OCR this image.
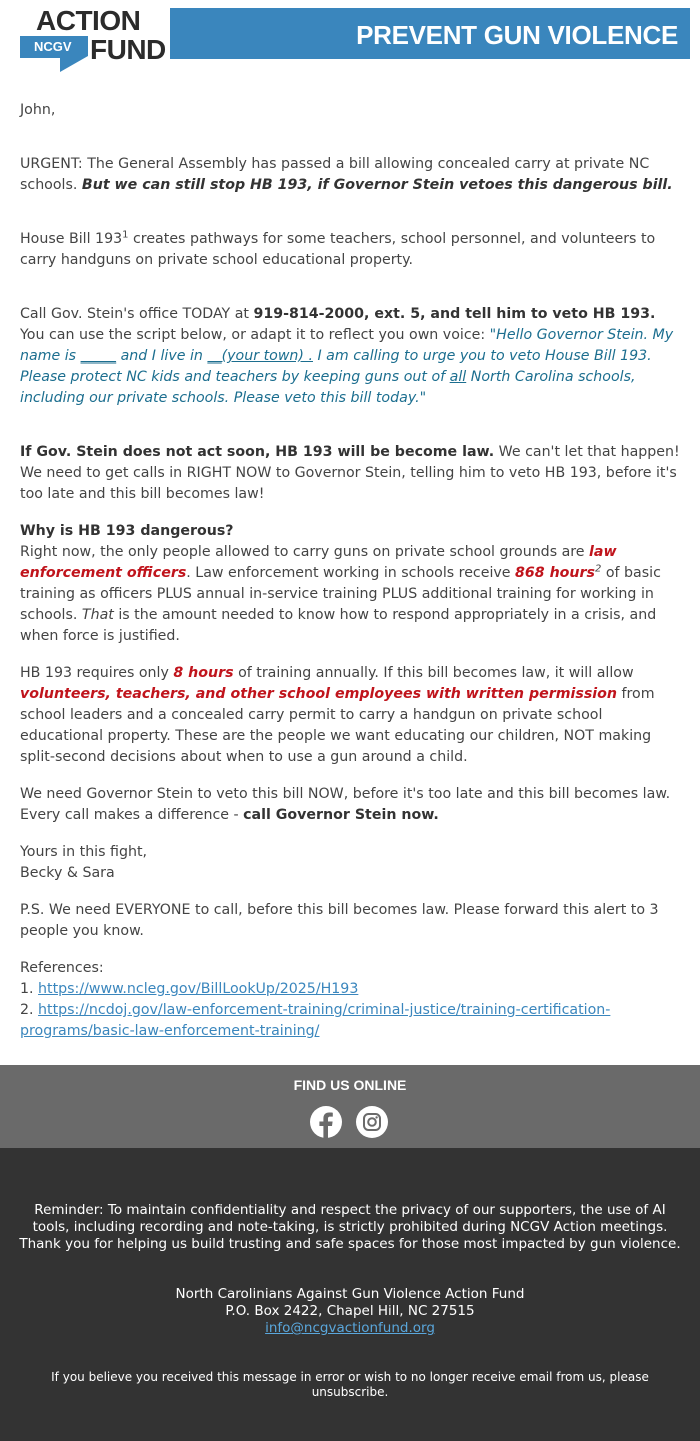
ACTION
NCGV FUND	PREVENT GUN VIOLENCE

John,

URGENT: The General Assembly has passed a bill allowing concealed carry at private NC schools. But we can still stop HB 193, if Governor Stein vetoes this dangerous bill.

House Bill $193^1$ creates pathways for some teachers, school personnel, and volunteers to carry handguns on private school educational property.

Call Gov. Stein's office TODAY at 919-814-2000, ext. 5, and tell him to veto HB 193. You can use the script below, or adapt it to reflect you own voice: "Hello Governor Stein. My name is _____ and I live in __(your town) . I am calling to urge you to veto House Bill 193. Please protect NC kids and teachers by keeping guns out of all North Carolina schools, including our private schools. Please veto this bill today."

If Gov. Stein does not act soon, HB 193 will be become law. We can't let that happen! We need to get calls in RIGHT NOW to Governor Stein, telling him to veto HB 193, before it's too late and this bill becomes law!

Why is HB 193 dangerous?

Right now, the only people allowed to carry guns on private school grounds are law enforcement officers. Law enforcement working in schools receive 868 hours$^2$ of basic training as officers PLUS annual in-service training PLUS additional training for working in schools. That is the amount needed to know how to respond appropriately in a crisis, and when force is justified.

HB 193 requires only 8 hours of training annually. If this bill becomes law, it will allow volunteers, teachers, and other school employees with written permission from school leaders and a concealed carry permit to carry a handgun on private school educational property. These are the people we want educating our children, NOT making split-second decisions about when to use a gun around a child.

We need Governor Stein to veto this bill NOW, before it's too late and this bill becomes law. Every call makes a difference - call Governor Stein now.

Yours in this fight,
Becky & Sara

P.S. We need EVERYONE to call, before this bill becomes law. Please forward this alert to 3 people you know.

References:
1. https://www.ncleg.gov/BillLookUp/2025/H193
2. https://ncdoj.gov/law-enforcement-training/criminal-justice/training-certification-programs/basic-law-enforcement-training/

FIND US ONLINE
Reminder: To maintain confidentiality and respect the privacy of our supporters, the use of AI tools, including recording and note-taking, is strictly prohibited during NCGV Action meetings. Thank you for helping us build trusting and safe spaces for those most impacted by gun violence.
North Carolinians Against Gun Violence Action Fund
P.O. Box 2422, Chapel Hill, NC 27515
info@ncgvactionfund.org
If you believe you received this message in error or wish to no longer receive email from us, please unsubscribe.
